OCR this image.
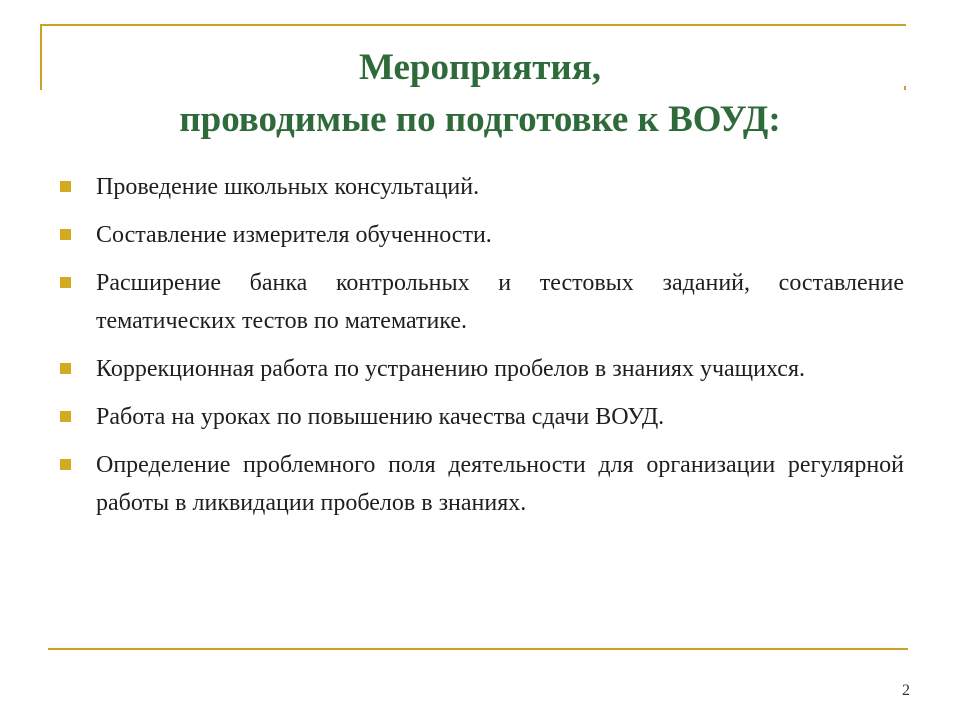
Мероприятия,
проводимые по подготовке к ВОУД:
Проведение школьных консультаций.
Составление измерителя обученности.
Расширение банка контрольных и тестовых заданий, составление тематических тестов по математике.
Коррекционная работа по устранению пробелов в знаниях учащихся.
Работа на уроках по повышению качества сдачи ВОУД.
Определение проблемного поля деятельности для организации регулярной работы в ликвидации пробелов в знаниях.
2
